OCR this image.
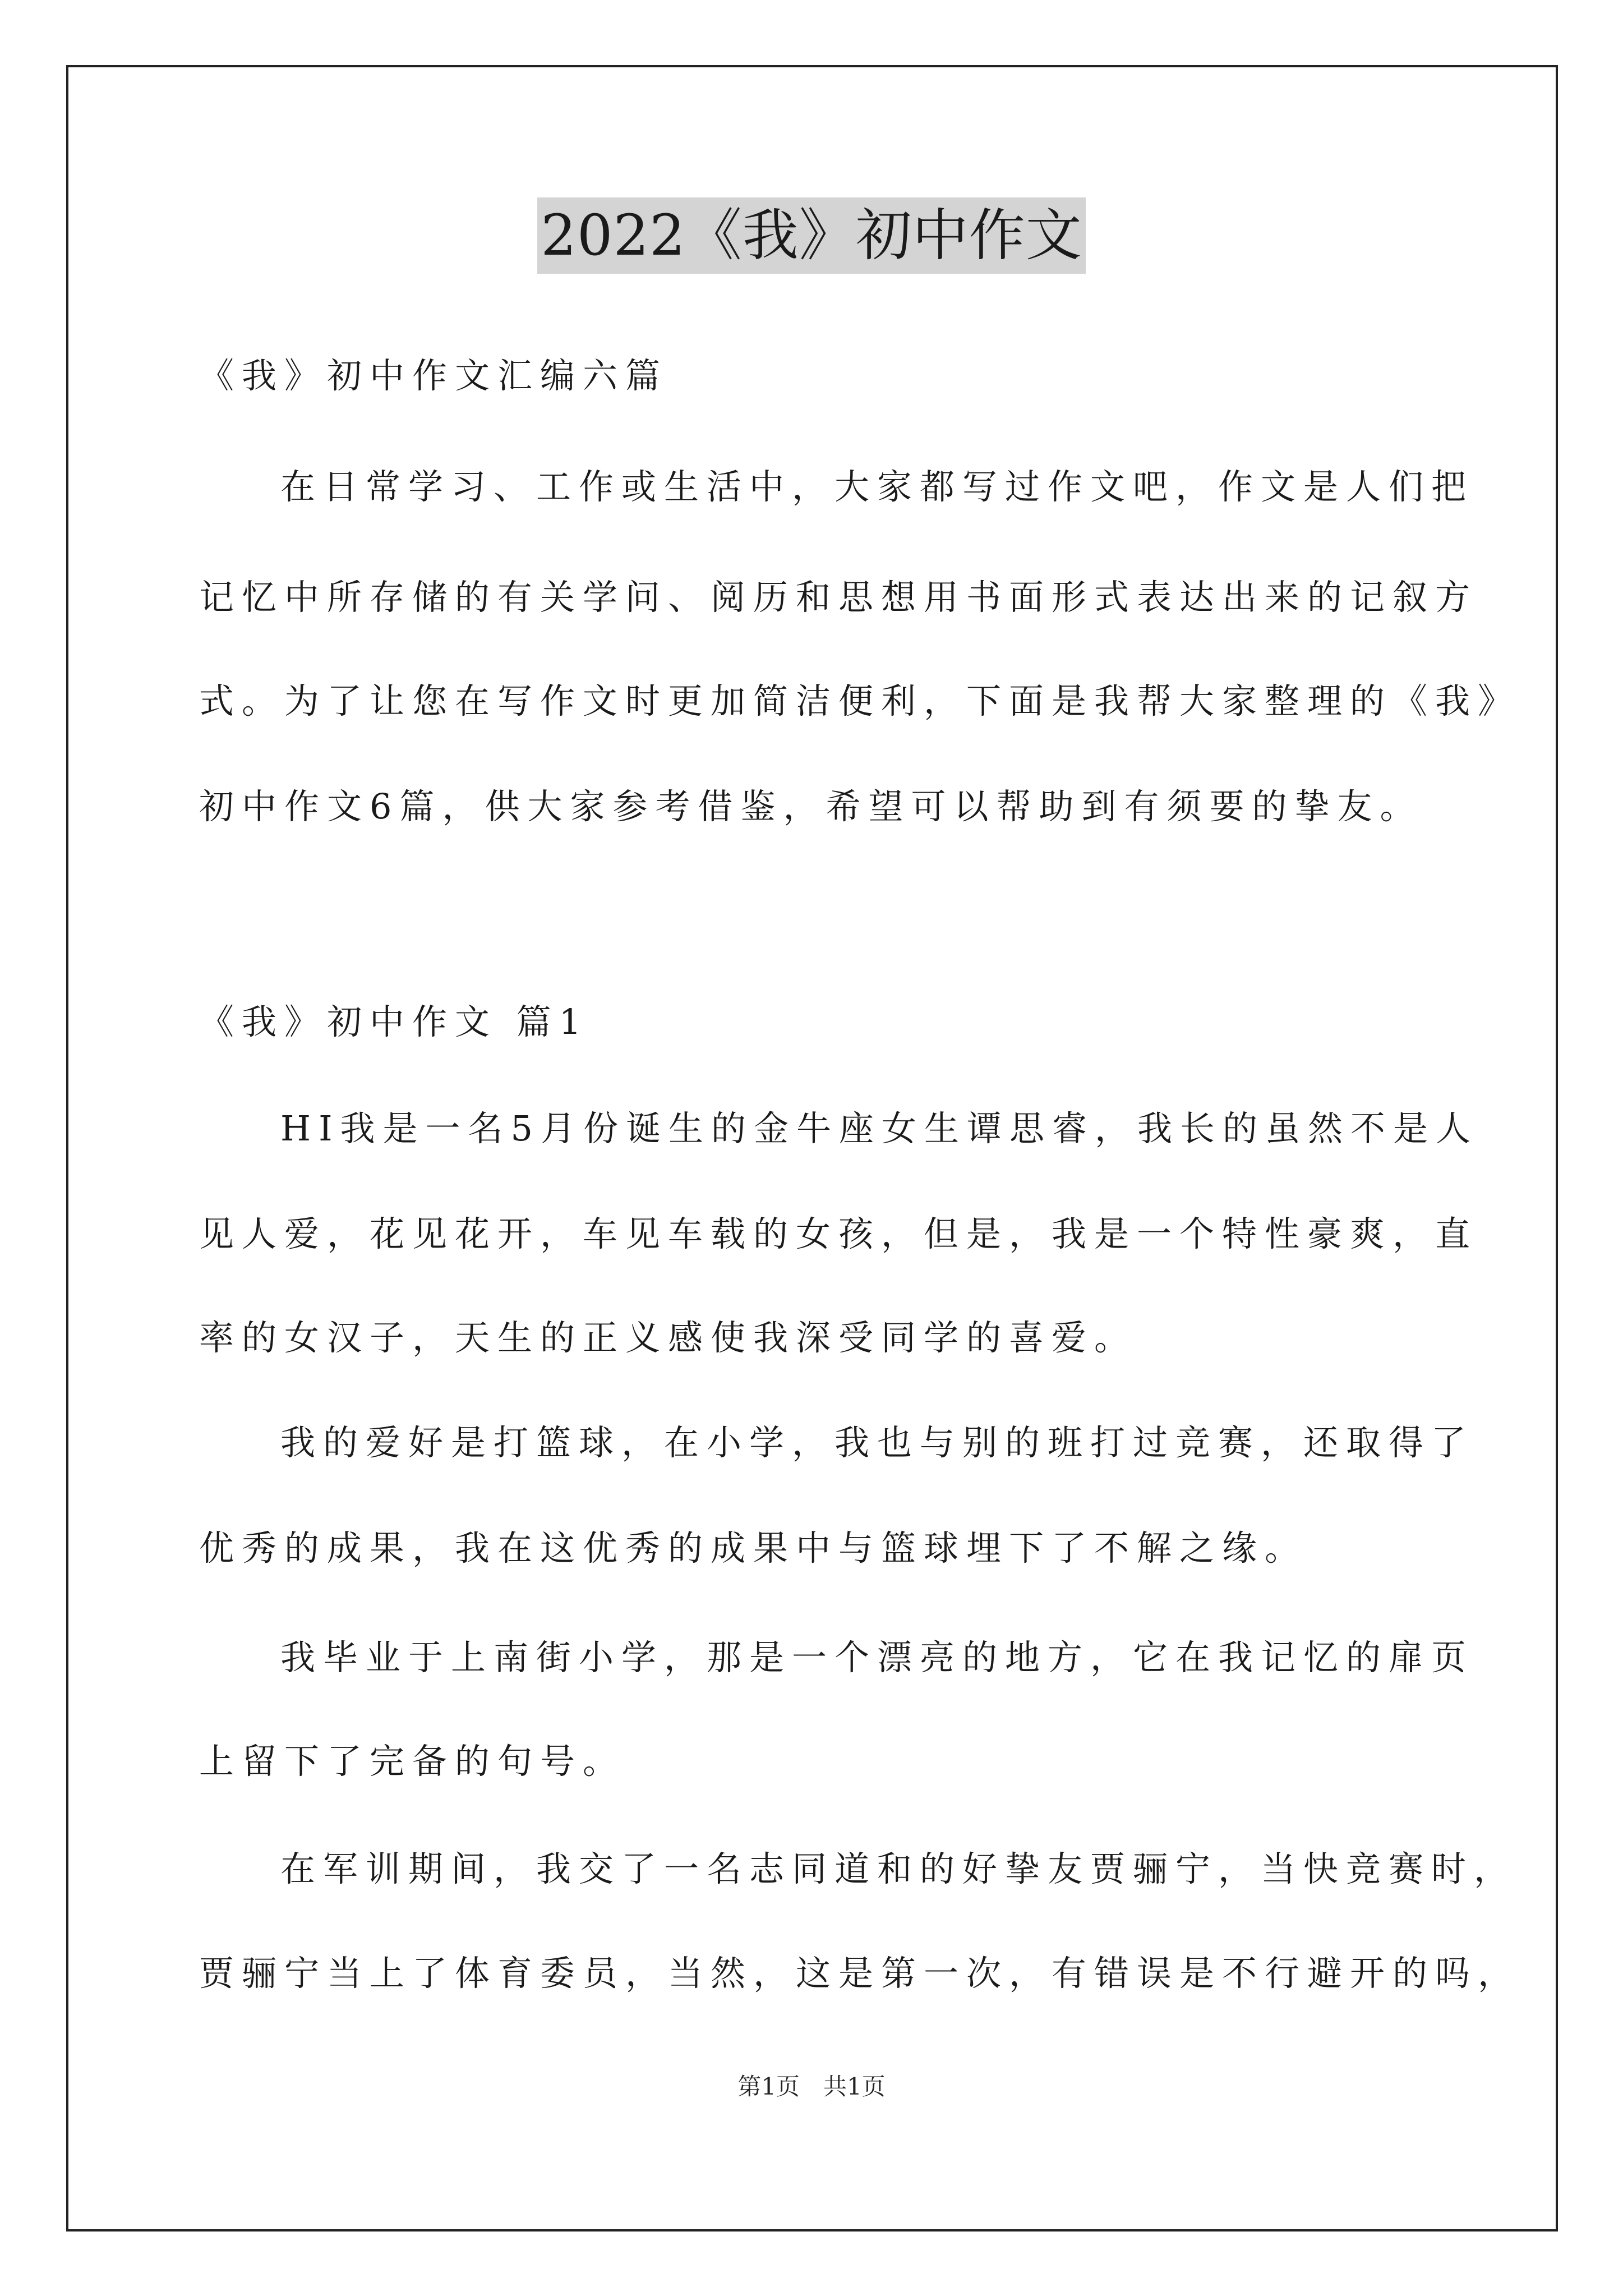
2022《我》初中作文
《我》初中作文汇编六篇
在日常学习、工作或生活中，大家都写过作文吧，作文是人们把
记忆中所存储的有关学问、阅历和思想用书面形式表达出来的记叙方
式。为了让您在写作文时更加简洁便利，下面是我帮大家整理的《我》
初中作文6篇，供大家参考借鉴，希望可以帮助到有须要的挚友。
《我》初中作文 篇1
HI我是一名5月份诞生的金牛座女生谭思睿，我长的虽然不是人
见人爱，花见花开，车见车载的女孩，但是，我是一个特性豪爽，直
率的女汉子，天生的正义感使我深受同学的喜爱。
我的爱好是打篮球，在小学，我也与别的班打过竞赛，还取得了
优秀的成果，我在这优秀的成果中与篮球埋下了不解之缘。
我毕业于上南街小学，那是一个漂亮的地方，它在我记忆的扉页
上留下了完备的句号。
在军训期间，我交了一名志同道和的好挚友贾骊宁，当快竞赛时，
贾骊宁当上了体育委员，当然，这是第一次，有错误是不行避开的吗，
第1页　共1页
